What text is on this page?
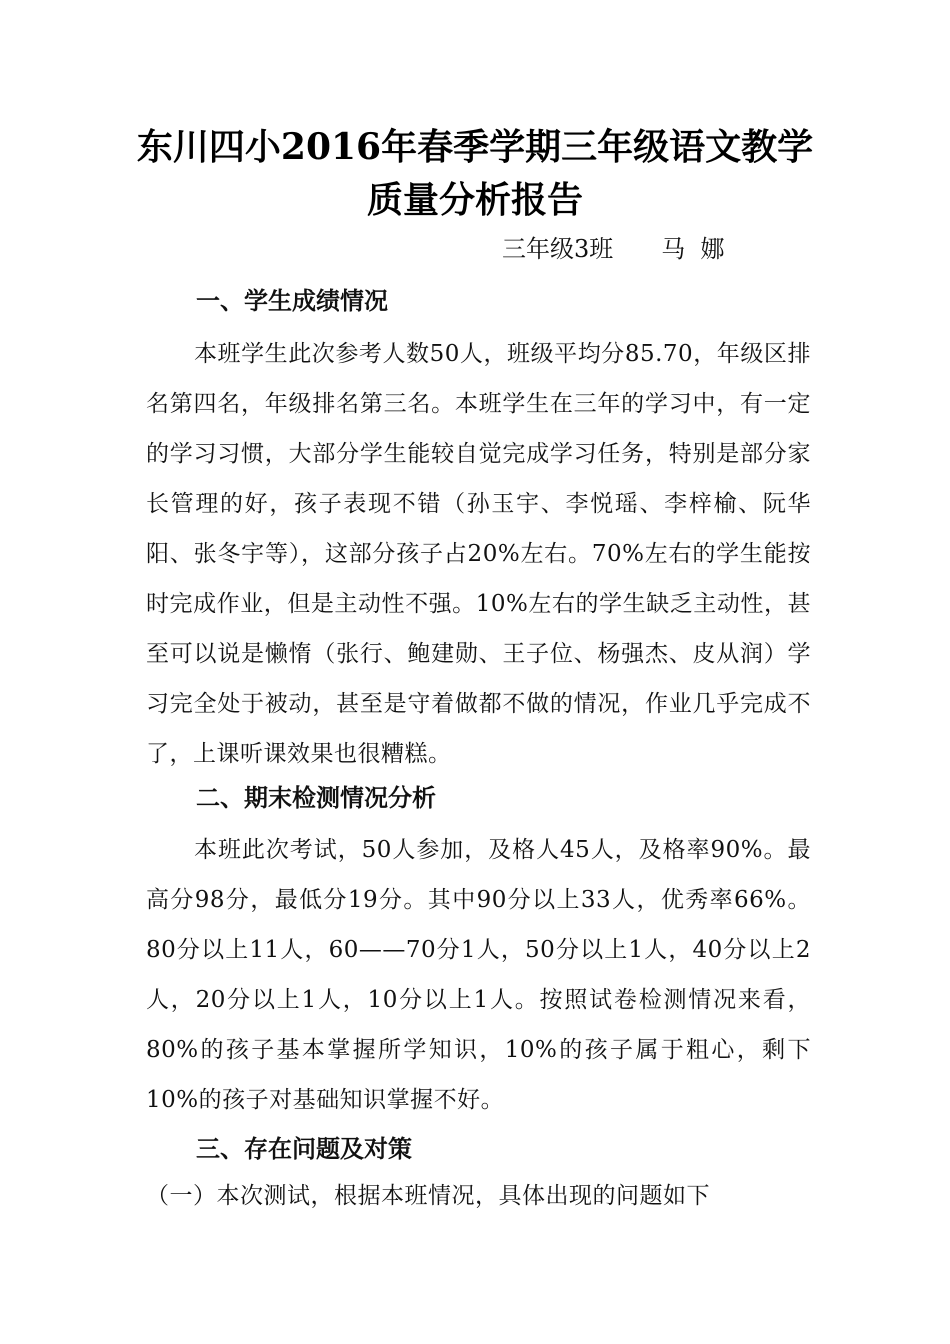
东川四小2016年春季学期三年级语文教学
质量分析报告
三年级3班　　马  娜
一、学生成绩情况

本班学生此次参考人数50人，班级平均分85.70，年级区排名第四名，年级排名第三名。本班学生在三年的学习中，有一定的学习习惯，大部分学生能较自觉完成学习任务，特别是部分家长管理的好，孩子表现不错（孙玉宇、李悦瑶、李梓榆、阮华阳、张冬宇等），这部分孩子占20%左右。70%左右的学生能按时完成作业，但是主动性不强。10%左右的学生缺乏主动性，甚至可以说是懒惰（张行、鲍建勋、王子位、杨强杰、皮从润）学习完全处于被动，甚至是守着做都不做的情况，作业几乎完成不了，上课听课效果也很糟糕。

二、期末检测情况分析

本班此次考试，50人参加，及格人45人，及格率90%。最高分98分，最低分19分。其中90分以上33人，优秀率66%。80分以上11人，60——70分1人，50分以上1人，40分以上2人，20分以上1人，10分以上1人。按照试卷检测情况来看，80%的孩子基本掌握所学知识，10%的孩子属于粗心，剩下10%的孩子对基础知识掌握不好。

三、存在问题及对策

（一）本次测试，根据本班情况，具体出现的问题如下
